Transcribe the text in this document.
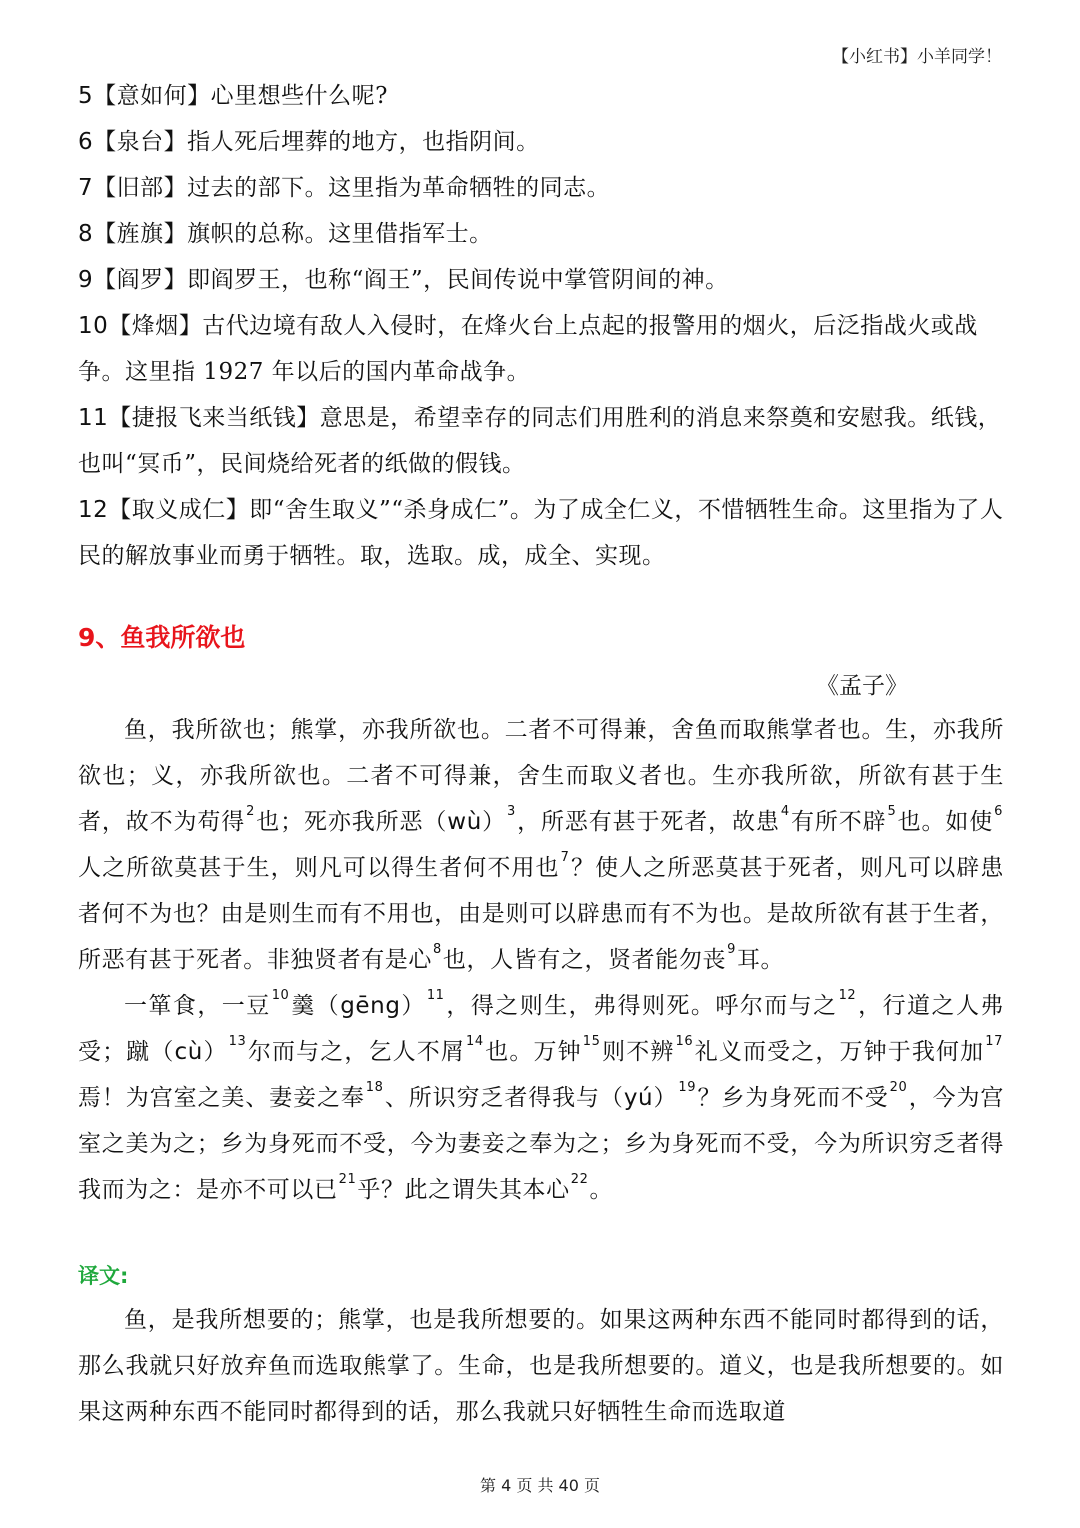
【小红书】小羊同学！

5【意如何】心里想些什么呢?

6【泉台】指人死后埋葬的地方，也指阴间。

7【旧部】过去的部下。这里指为革命牺牲的同志。

8【旌旗】旗帜的总称。这里借指军士。

9【阎罗】即阎罗王，也称“阎王”，民间传说中掌管阴间的神。

10【烽烟】古代边境有敌人入侵时，在烽火台上点起的报警用的烟火，后泛指战火或战争。这里指 1927 年以后的国内革命战争。

11【捷报飞来当纸钱】意思是，希望幸存的同志们用胜利的消息来祭奠和安慰我。纸钱，也叫“冥币”，民间烧给死者的纸做的假钱。

12【取义成仁】即“舍生取义”“杀身成仁”。为了成全仁义，不惜牺牲生命。这里指为了人民的解放事业而勇于牺牲。取，选取。成，成全、实现。

9、鱼我所欲也

《孟子》

鱼，我所欲也；熊掌，亦我所欲也。二者不可得兼，舍鱼而取熊掌者也。生，亦我所欲也；义，亦我所欲也。二者不可得兼，舍生而取义者也。生亦我所欲，所欲有甚于生者，故不为苟得$^2$也；死亦我所恶（wù）$^3$，所恶有甚于死者，故患$^4$有所不辟$^5$也。如使$^6$人之所欲莫甚于生，则凡可以得生者何不用也$^7$？使人之所恶莫甚于死者，则凡可以辟患者何不为也？由是则生而有不用也，由是则可以辟患而有不为也。是故所欲有甚于生者，所恶有甚于死者。非独贤者有是心$^8$也，人皆有之，贤者能勿丧$^9$耳。

一箪食，一豆$^{10}$羹（gēng）$^{11}$，得之则生，弗得则死。呼尔而与之$^{12}$，行道之人弗受；蹴（cù）$^{13}$尔而与之，乞人不屑$^{14}$也。万钟$^{15}$则不辨$^{16}$礼义而受之，万钟于我何加$^{17}$焉！为宫室之美、妻妾之奉$^{18}$、所识穷乏者得我与（yú）$^{19}$？乡为身死而不受$^{20}$，今为宫室之美为之；乡为身死而不受，今为妻妾之奉为之；乡为身死而不受，今为所识穷乏者得我而为之：是亦不可以已$^{21}$乎？此之谓失其本心$^{22}$。

译文:

鱼，是我所想要的；熊掌，也是我所想要的。如果这两种东西不能同时都得到的话，那么我就只好放弃鱼而选取熊掌了。生命，也是我所想要的。道义，也是我所想要的。如果这两种东西不能同时都得到的话，那么我就只好牺牲生命而选取道

第 4 页 共 40 页
